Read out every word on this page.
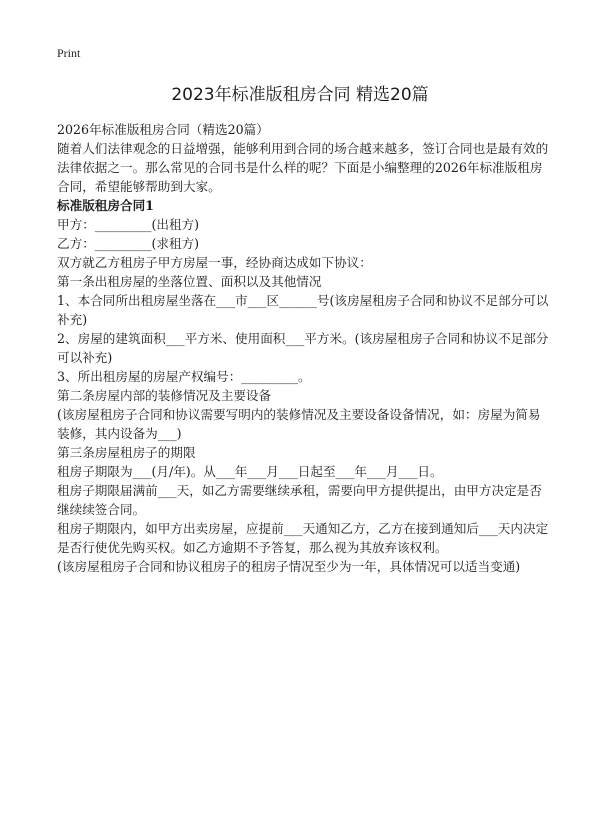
Print
2023年标准版租房合同 精选20篇

2026年标准版租房合同（精选20篇）

随着人们法律观念的日益增强，能够利用到合同的场合越来越多，签订合同也是最有效的法律依据之一。那么常见的合同书是什么样的呢？下面是小编整理的2026年标准版租房合同，希望能够帮助到大家。

标准版租房合同1

甲方：_________(出租方)

乙方：_________(求租方)

双方就乙方租房子甲方房屋一事，经协商达成如下协议：

第一条出租房屋的坐落位置、面积以及其他情况

1、本合同所出租房屋坐落在___市___区______号(该房屋租房子合同和协议不足部分可以补充)

2、房屋的建筑面积___平方米、使用面积___平方米。(该房屋租房子合同和协议不足部分可以补充)

3、所出租房屋的房屋产权编号：_________。

第二条房屋内部的装修情况及主要设备

(该房屋租房子合同和协议需要写明内的装修情况及主要设备设备情况，如：房屋为简易装修，其内设备为___)

第三条房屋租房子的期限

租房子期限为___(月/年)。从___年___月___日起至___年___月___日。

租房子期限届满前___天，如乙方需要继续承租，需要向甲方提供提出，由甲方决定是否继续续签合同。

租房子期限内，如甲方出卖房屋，应提前___天通知乙方，乙方在接到通知后___天内决定是否行使优先购买权。如乙方逾期不予答复，那么视为其放弃该权利。

(该房屋租房子合同和协议租房子的租房子情况至少为一年，具体情况可以适当变通)
